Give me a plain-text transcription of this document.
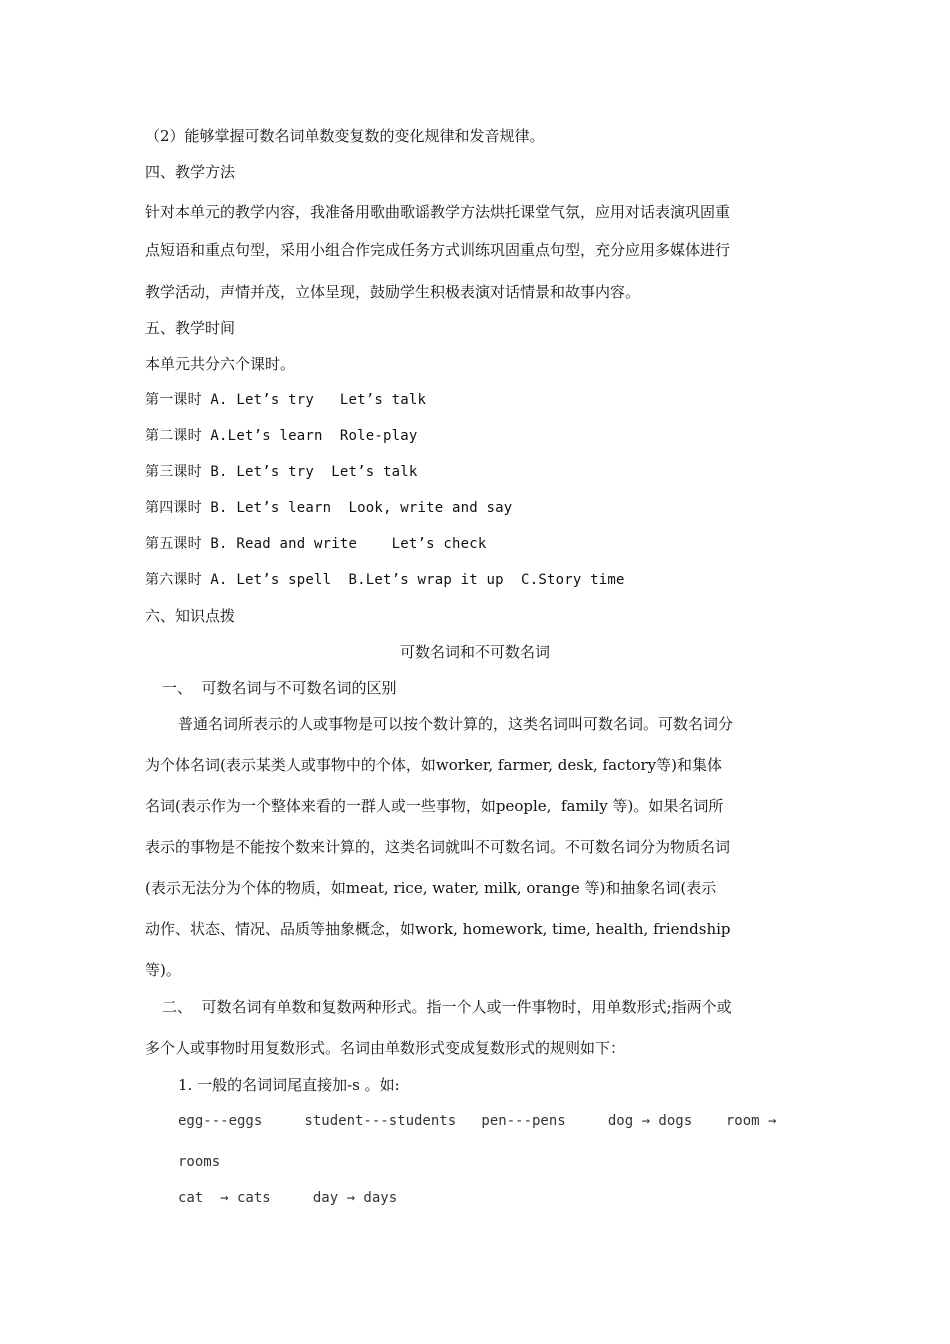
（2）能够掌握可数名词单数变复数的变化规律和发音规律。
四、教学方法
针对本单元的教学内容，我准备用歌曲歌谣教学方法烘托课堂气氛，应用对话表演巩固重
点短语和重点句型，采用小组合作完成任务方式训练巩固重点句型，充分应用多媒体进行
教学活动，声情并茂，立体呈现，鼓励学生积极表演对话情景和故事内容。
五、教学时间
本单元共分六个课时。
第一课时 A. Let’s try   Let’s talk
第二课时 A.Let’s learn  Role-play
第三课时 B. Let’s try  Let’s talk
第四课时 B. Let’s learn  Look, write and say
第五课时 B. Read and write    Let’s check
第六课时 A. Let’s spell  B.Let’s wrap it up  C.Story time
六、知识点拨
可数名词和不可数名词
一、  可数名词与不可数名词的区别
普通名词所表示的人或事物是可以按个数计算的，这类名词叫可数名词。可数名词分
为个体名词(表示某类人或事物中的个体，如worker, farmer, desk, factory等)和集体
名词(表示作为一个整体来看的一群人或一些事物，如people,  family 等)。如果名词所
表示的事物是不能按个数来计算的，这类名词就叫不可数名词。不可数名词分为物质名词
(表示无法分为个体的物质，如meat, rice, water, milk, orange 等)和抽象名词(表示
动作、状态、情况、品质等抽象概念，如work, homework, time, health, friendship
等)。
二、  可数名词有单数和复数两种形式。指一个人或一件事物时，用单数形式;指两个或
多个人或事物时用复数形式。名词由单数形式变成复数形式的规则如下：
1. 一般的名词词尾直接加-s 。如:
egg---eggs     student---students   pen---pens     dog → dogs    room →
rooms
cat  → cats     day → days
